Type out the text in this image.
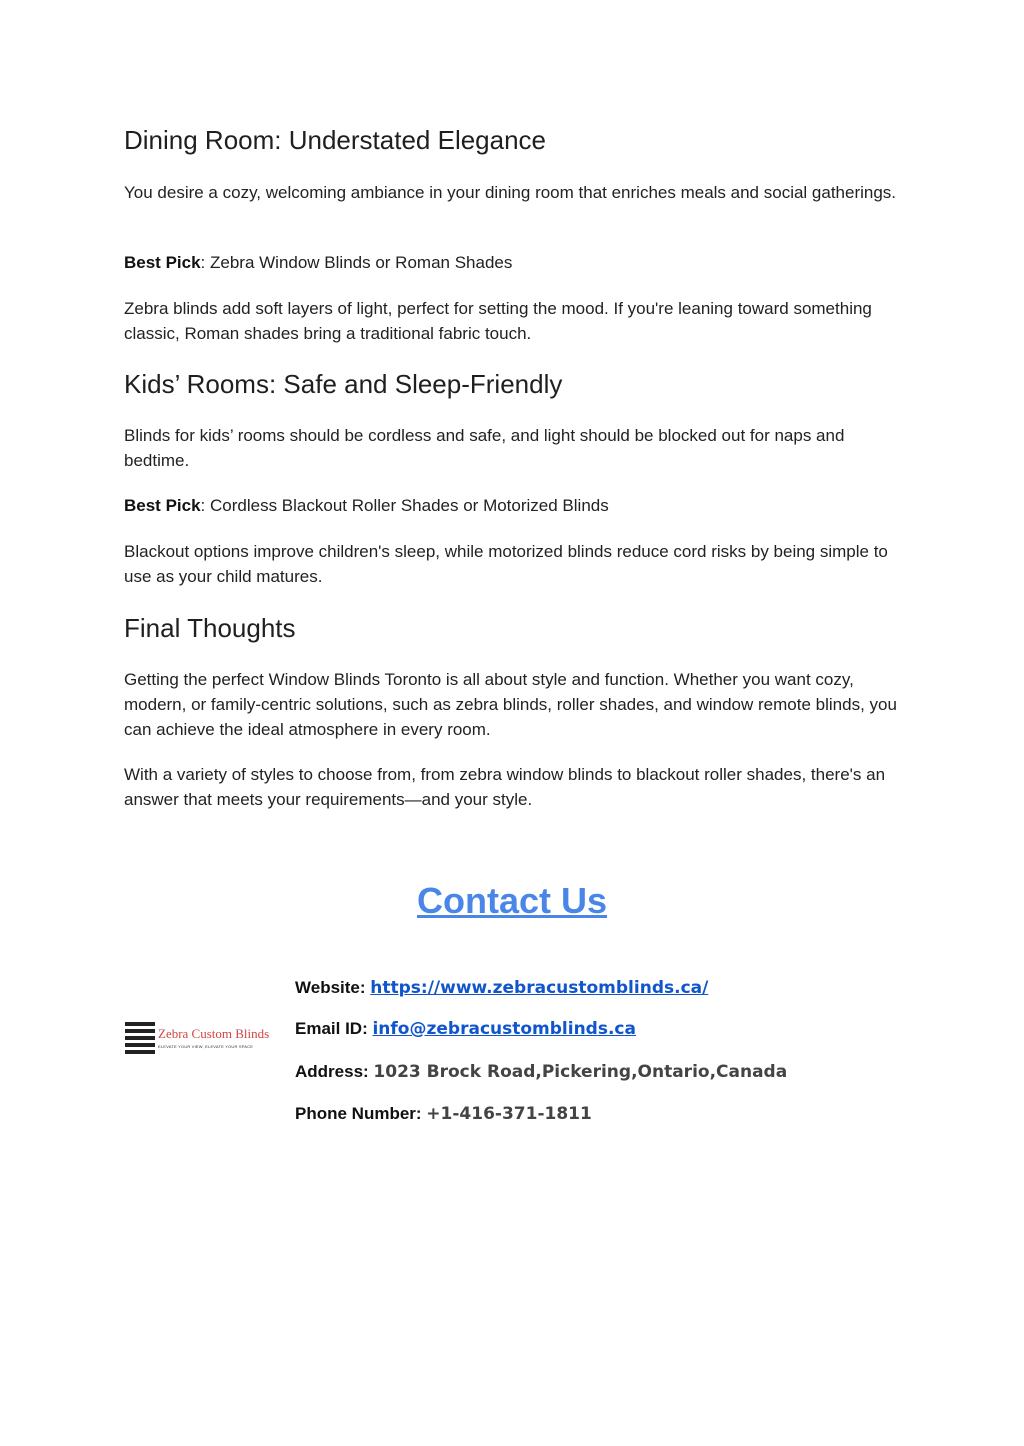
Dining Room: Understated Elegance

You desire a cozy, welcoming ambiance in your dining room that enriches meals and social gatherings.

Best Pick: Zebra Window Blinds or Roman Shades

Zebra blinds add soft layers of light, perfect for setting the mood. If you're leaning toward something classic, Roman shades bring a traditional fabric touch.

Kids’ Rooms: Safe and Sleep-Friendly

Blinds for kids’ rooms should be cordless and safe, and light should be blocked out for naps and bedtime.

Best Pick: Cordless Blackout Roller Shades or Motorized Blinds

Blackout options improve children's sleep, while motorized blinds reduce cord risks by being simple to use as your child matures.

Final Thoughts

Getting the perfect Window Blinds Toronto is all about style and function. Whether you want cozy, modern, or family-centric solutions, such as zebra blinds, roller shades, and window remote blinds, you can achieve the ideal atmosphere in every room.

With a variety of styles to choose from, from zebra window blinds to blackout roller shades, there's an answer that meets your requirements—and your style.

Contact Us
Zebra Custom Blinds
ELEVATE YOUR VIEW, ELEVATE YOUR SPACE
Website: https://www.zebracustomblinds.ca/
Email ID: info@zebracustomblinds.ca
Address: 1023 Brock Road,Pickering,Ontario,Canada
Phone Number: +1-416-371-1811
